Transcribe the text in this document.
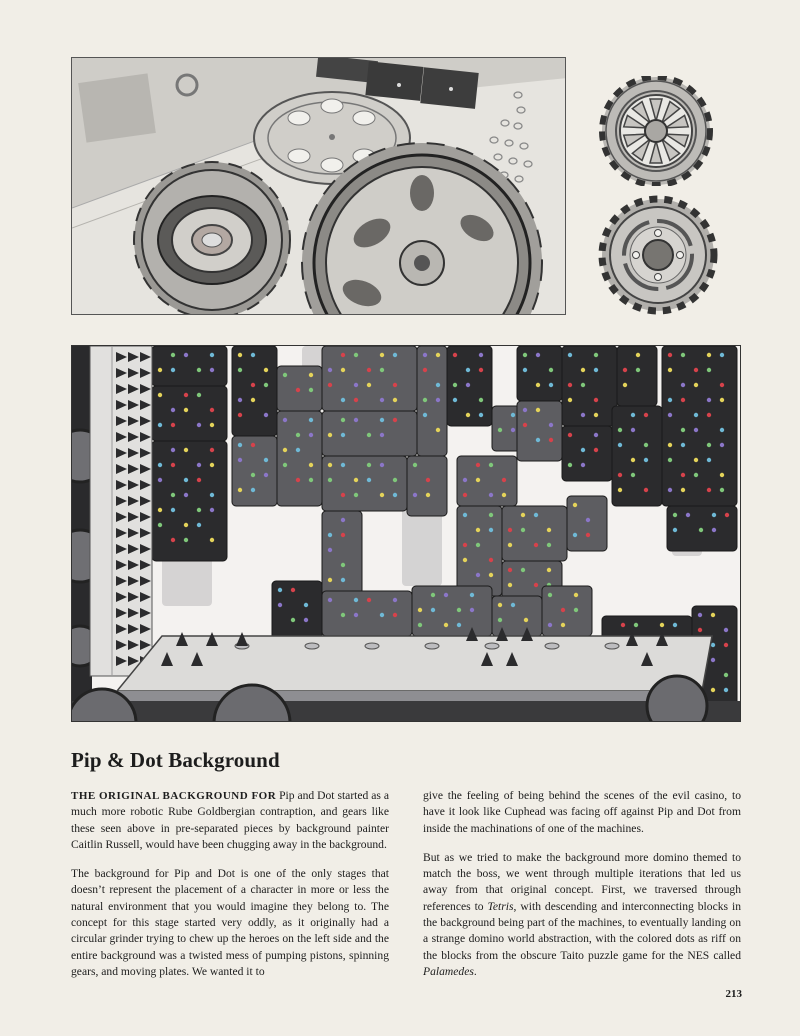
Pip & Dot Background

THE ORIGINAL BACKGROUND FOR Pip and Dot started as a much more robotic Rube Goldbergian contraption, and gears like these seen above in pre-separated pieces by background painter Caitlin Russell, would have been chugging away in the background.

The background for Pip and Dot is one of the only stages that doesn’t represent the placement of a character in more or less the natural environment that you would imagine they belong to. The concept for this stage started very oddly, as it originally had a circular grinder trying to chew up the heroes on the left side and the entire background was a twisted mess of pumping pistons, spinning gears, and moving plates. We wanted it to

give the feeling of being behind the scenes of the evil casino, to have it look like Cuphead was facing off against Pip and Dot from inside the machinations of one of the machines.

But as we tried to make the background more domino themed to match the boss, we went through multiple iterations that led us away from that original concept. First, we traversed through references to Tetris, with descending and interconnecting blocks in the background being part of the machines, to eventually landing on a strange domino world abstraction, with the colored dots as riff on the blocks from the obscure Taito puzzle game for the NES called Palamedes.

213
